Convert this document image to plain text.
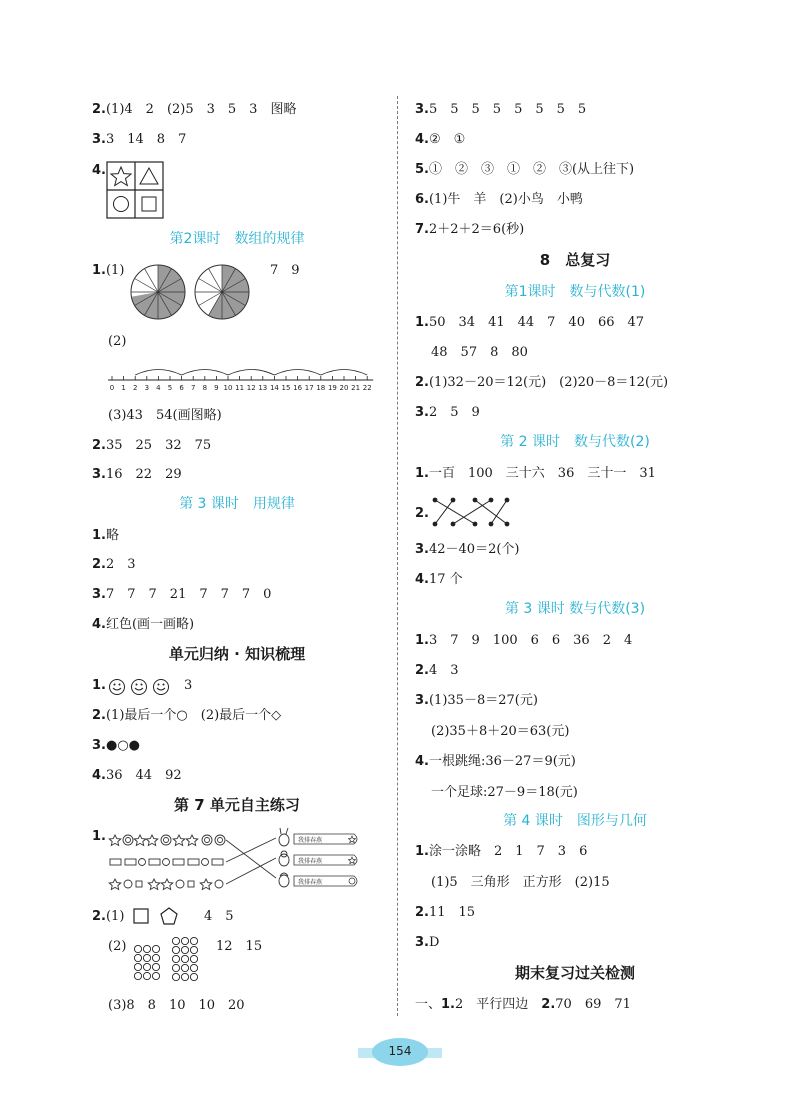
2.(1)4　2　(2)5　3　5　3　图略
3.3　14　8　7
4.
第2课时　数组的规律
1.(1)	7　9
(2)
0 1 2 3 4 5 6 7 8 9 10 11 12 13 14 15 16 17 18 19 20 21 22
(3)43　54(画图略)
2.35　25　32　75
3.16　22　29
第 3 课时　用规律
1.略
2.2　3
3.7　7　7　21　7　7　7　0
4.红色(画一画略)
单元归纳 · 知识梳理
1.	3
2.(1)最后一个○　(2)最后一个◇
3.●○●
4.36　44　92
第 7 单元自主练习
1.	我排春燕
我排春燕
我排春燕
2.(1)	4　5
(2)	12　15
(3)8　8　10　10　20
3.5　5　5　5　5　5　5　5
4.②　①
5.①　②　③　①　②　③(从上往下)
6.(1)牛　羊　(2)小鸟　小鸭
7.2＋2＋2＝6(秒)
8　总复习
第1课时　数与代数(1)
1.50　34　41　44　7　40　66　47
48　57　8　80
2.(1)32－20＝12(元)　(2)20－8＝12(元)
3.2　5　9
第 2 课时　数与代数(2)
1.一百　100　三十六　36　三十一　31
2.
3.42－40＝2(个)
4.17 个
第 3 课时 数与代数(3)
1.3　7　9　100　6　6　36　2　4
2.4　3
3.(1)35－8＝27(元)
(2)35＋8＋20＝63(元)
4.一根跳绳:36－27＝9(元)
一个足球:27－9＝18(元)
第 4 课时　图形与几何
1.涂一涂略　2　1　7　3　6
(1)5　三角形　正方形　(2)15
2.11　15
3.D
期末复习过关检测
一、1.2　平行四边　 2.70　69　71
154
